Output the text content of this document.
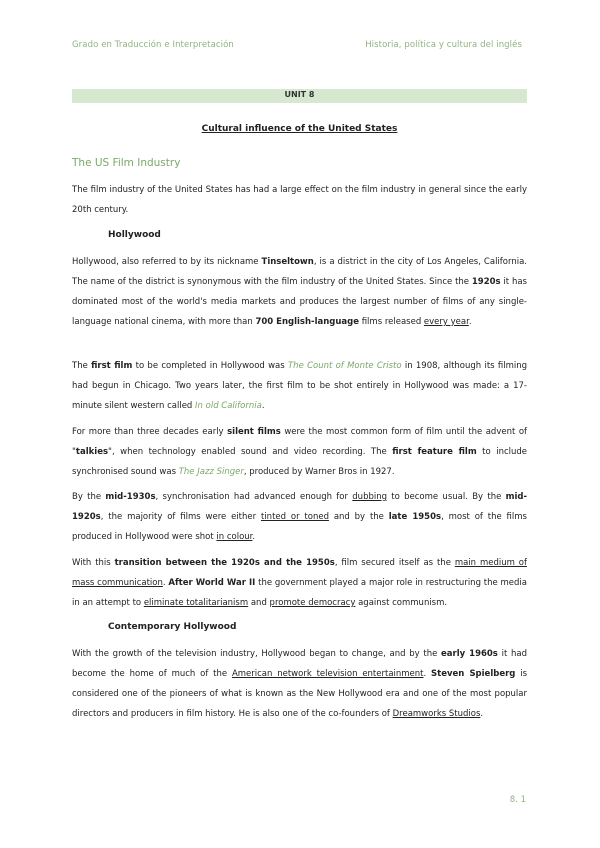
Grado en Traducción e Interpretación	Historia, política y cultura del inglés
UNIT 8
Cultural influence of the United States
The US Film Industry

The film industry of the United States has had a large effect on the film industry in general since the early 20th century.

Hollywood

Hollywood, also referred to by its nickname Tinseltown, is a district in the city of Los Angeles, California. The name of the district is synonymous with the film industry of the United States. Since the 1920s it has dominated most of the world's media markets and produces the largest number of films of any single-language national cinema, with more than 700 English-language films released every year.

The first film to be completed in Hollywood was The Count of Monte Cristo in 1908, although its filming had begun in Chicago. Two years later, the first film to be shot entirely in Hollywood was made: a 17-minute silent western called In old California.

For more than three decades early silent films were the most common form of film until the advent of "talkies", when technology enabled sound and video recording. The first feature film to include synchronised sound was The Jazz Singer, produced by Warner Bros in 1927.

By the mid-1930s, synchronisation had advanced enough for dubbing to become usual. By the mid-1920s, the majority of films were either tinted or toned and by the late 1950s, most of the films produced in Hollywood were shot in colour.

With this transition between the 1920s and the 1950s, film secured itself as the main medium of mass communication. After World War II the government played a major role in restructuring the media in an attempt to eliminate totalitarianism and promote democracy against communism.

Contemporary Hollywood

With the growth of the television industry, Hollywood began to change, and by the early 1960s it had become the home of much of the American network television entertainment. Steven Spielberg is considered one of the pioneers of what is known as the New Hollywood era and one of the most popular directors and producers in film history. He is also one of the co-founders of Dreamworks Studios.

8. 1
